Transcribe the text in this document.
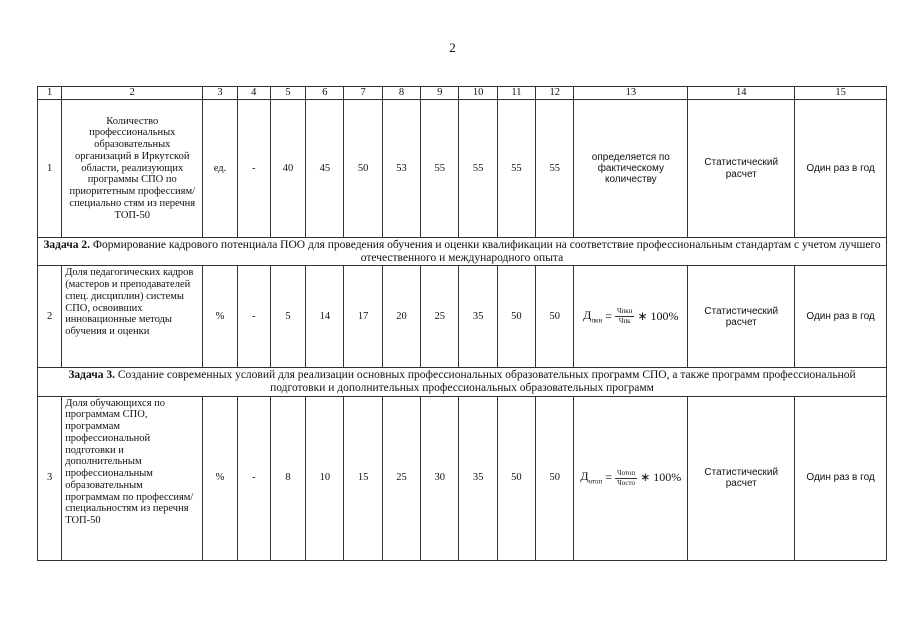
2
1	2	3	4	5	6	7	8	9	10	11	12	13	14	15
1	Количество профессиональных образовательных организаций в Иркутской области, реализующих программы СПО по приоритетным профессиям/специально стям из перечня ТОП-50	ед.	-	40	45	50	53	55	55	55	55	определяется по фактическому количеству	Статистический расчет	Один раз в год
Задача 2. Формирование кадрового потенциала ПОО для проведения обучения и оценки квалификации на соответствие профессиональным стандартам с учетом лучшего отечественного и международного опыта														
2	Доля педагогических кадров (мастеров и преподавателей спец. дисциплин) системы СПО, освоивших инновационные методы обучения и оценки	%	-	5	14	17	20	25	35	50	50	$Д_{пкн} = \frac{\text{Чпкн}}{\text{Чпк}}$ ∗ 100%	Статистический расчет	Один раз в год
Задача 3. Создание современных условий для реализации основных профессиональных образовательных программ СПО, а также программ профессиональной подготовки и дополнительных профессиональных образовательных программ														
3	Доля обучающихся по программам СПО, программам профессиональной подготовки и дополнительным профессиональным образовательным программам по профессиям/ специальностям из перечня ТОП-50	%	-	8	10	15	25	30	35	50	50	$Д_{отоп} = \frac{\text{Чотоп}}{\text{Чосто}}$ ∗ 100%	Статистический расчет	Один раз в год
